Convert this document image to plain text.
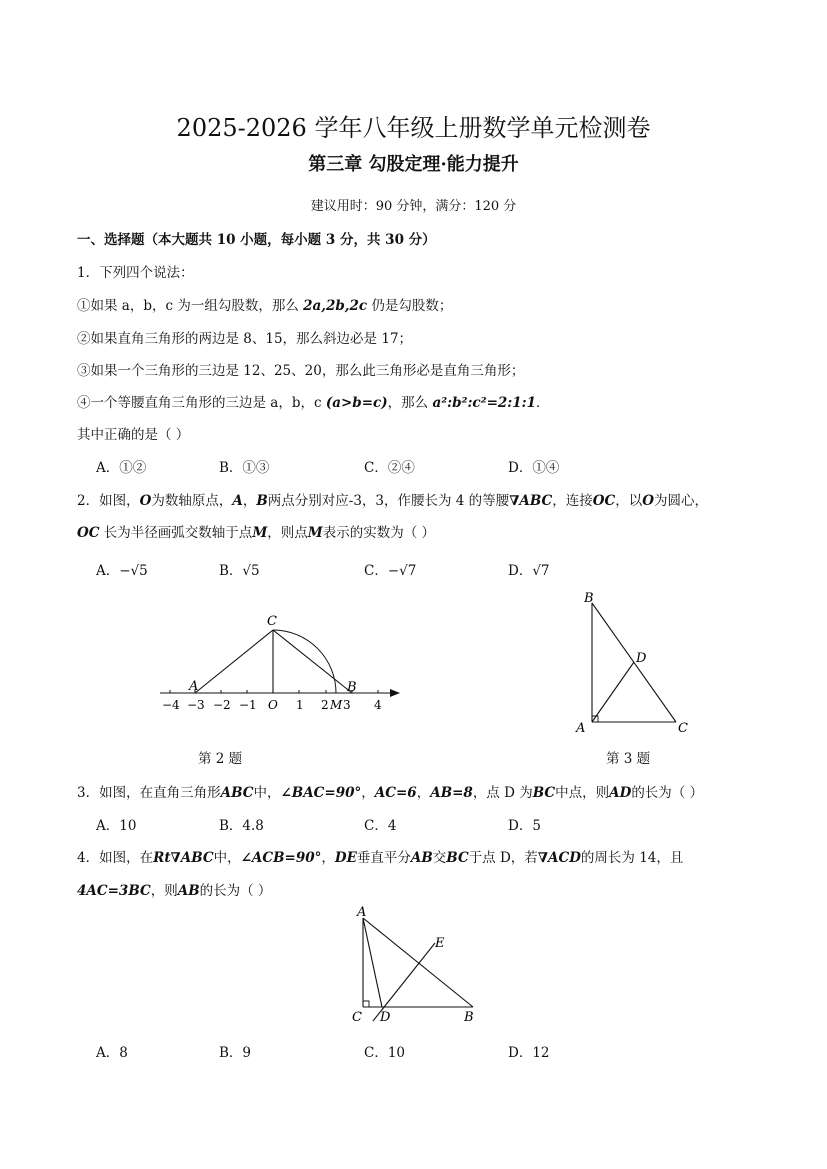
2025-2026 学年八年级上册数学单元检测卷
第三章 勾股定理·能力提升
建议用时：90 分钟，满分：120 分
一、选择题（本大题共 10 小题，每小题 3 分，共 30 分）
1．下列四个说法：
①如果 a，b，c 为一组勾股数，那么 2a,2b,2c 仍是勾股数；
②如果直角三角形的两边是 8、15，那么斜边必是 17；
③如果一个三角形的三边是 12、25、20，那么此三角形必是直角三角形；
④一个等腰直角三角形的三边是 a，b，c (a>b=c)，那么 a²:b²:c²=2:1:1．
其中正确的是（ ）
A．①②	B．①③	C．②④	D．①④
2．如图，O为数轴原点，A，B两点分别对应-3，3，作腰长为 4 的等腰∇ABC，连接OC，以O为圆心，
OC 长为半径画弧交数轴于点M，则点M表示的实数为（ ）
A．−√5	B．√5	C．−√7	D．√7
C
A	B
−4 −3 −2 −1 O 1 2 M 3 4
第 2 题
B
D
A	C
第 3 题
3．如图，在直角三角形ABC中，∠BAC=90°，AC=6，AB=8，点 D 为BC中点，则AD的长为（ ）
A．10	B．4.8	C．4	D．5
4．如图，在Rt∇ABC中，∠ACB=90°，DE垂直平分AB交BC于点 D，若∇ACD的周长为 14，且
4AC=3BC，则AB的长为（ ）
A
E
C D	B
A．8	B．9	C．10	D．12
